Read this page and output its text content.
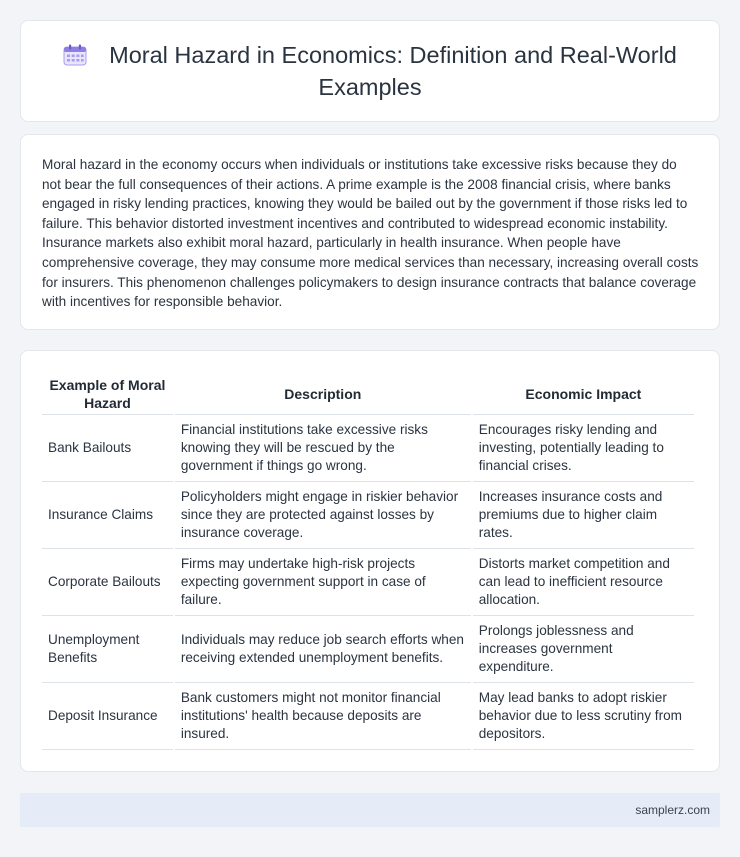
Moral Hazard in Economics: Definition and Real-World Examples

Moral hazard in the economy occurs when individuals or institutions take excessive risks because they do not bear the full consequences of their actions. A prime example is the 2008 financial crisis, where banks engaged in risky lending practices, knowing they would be bailed out by the government if those risks led to failure. This behavior distorted investment incentives and contributed to widespread economic instability. Insurance markets also exhibit moral hazard, particularly in health insurance. When people have comprehensive coverage, they may consume more medical services than necessary, increasing overall costs for insurers. This phenomenon challenges policymakers to design insurance contracts that balance coverage with incentives for responsible behavior.

Example of Moral Hazard	Description	Economic Impact
Bank Bailouts	Financial institutions take excessive risks knowing they will be rescued by the government if things go wrong.	Encourages risky lending and investing, potentially leading to financial crises.
Insurance Claims	Policyholders might engage in riskier behavior since they are protected against losses by insurance coverage.	Increases insurance costs and premiums due to higher claim rates.
Corporate Bailouts	Firms may undertake high-risk projects expecting government support in case of failure.	Distorts market competition and can lead to inefficient resource allocation.
Unemployment Benefits	Individuals may reduce job search efforts when receiving extended unemployment benefits.	Prolongs joblessness and increases government expenditure.
Deposit Insurance	Bank customers might not monitor financial institutions' health because deposits are insured.	May lead banks to adopt riskier behavior due to less scrutiny from depositors.
samplerz.com
